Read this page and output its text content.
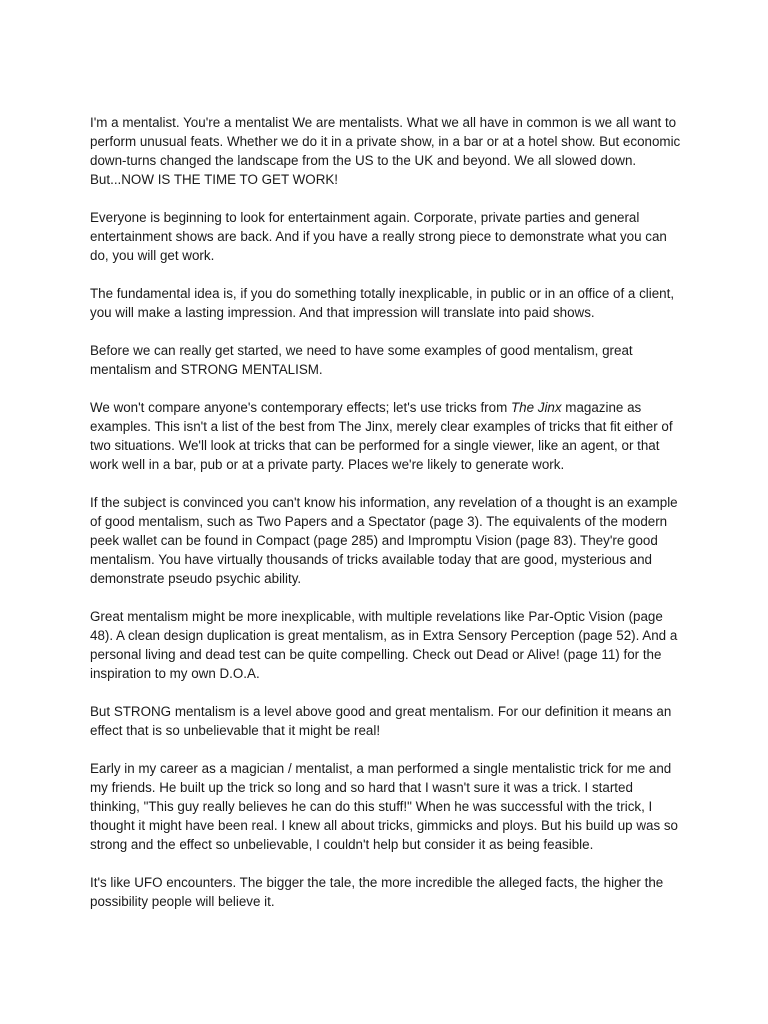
I'm a mentalist. You're a mentalist We are mentalists. What we all have in common is we all want to perform unusual feats. Whether we do it in a private show, in a bar or at a hotel show. But economic down-turns changed the landscape from the US to the UK and beyond. We all slowed down. But...NOW IS THE TIME TO GET WORK!

Everyone is beginning to look for entertainment again. Corporate, private parties and general entertainment shows are back. And if you have a really strong piece to demonstrate what you can do, you will get work.

The fundamental idea is, if you do something totally inexplicable, in public or in an office of a client, you will make a lasting impression. And that impression will translate into paid shows.

Before we can really get started, we need to have some examples of good mentalism, great mentalism and STRONG MENTALISM.

We won't compare anyone's contemporary effects; let's use tricks from The Jinx magazine as examples. This isn't a list of the best from The Jinx, merely clear examples of tricks that fit either of two situations. We'll look at tricks that can be performed for a single viewer, like an agent, or that work well in a bar, pub or at a private party. Places we're likely to generate work.

If the subject is convinced you can't know his information, any revelation of a thought is an example of good mentalism, such as Two Papers and a Spectator (page 3). The equivalents of the modern peek wallet can be found in Compact (page 285) and Impromptu Vision (page 83). They're good mentalism. You have virtually thousands of tricks available today that are good, mysterious and demonstrate pseudo psychic ability.

Great mentalism might be more inexplicable, with multiple revelations like Par-Optic Vision (page 48). A clean design duplication is great mentalism, as in Extra Sensory Perception (page 52). And a personal living and dead test can be quite compelling. Check out Dead or Alive! (page 11) for the inspiration to my own D.O.A.

But STRONG mentalism is a level above good and great mentalism. For our definition it means an effect that is so unbelievable that it might be real!

Early in my career as a magician / mentalist, a man performed a single mentalistic trick for me and my friends. He built up the trick so long and so hard that I wasn't sure it was a trick. I started thinking, "This guy really believes he can do this stuff!" When he was successful with the trick, I thought it might have been real. I knew all about tricks, gimmicks and ploys. But his build up was so strong and the effect so unbelievable, I couldn't help but consider it as being feasible.

It's like UFO encounters. The bigger the tale, the more incredible the alleged facts, the higher the possibility people will believe it.
